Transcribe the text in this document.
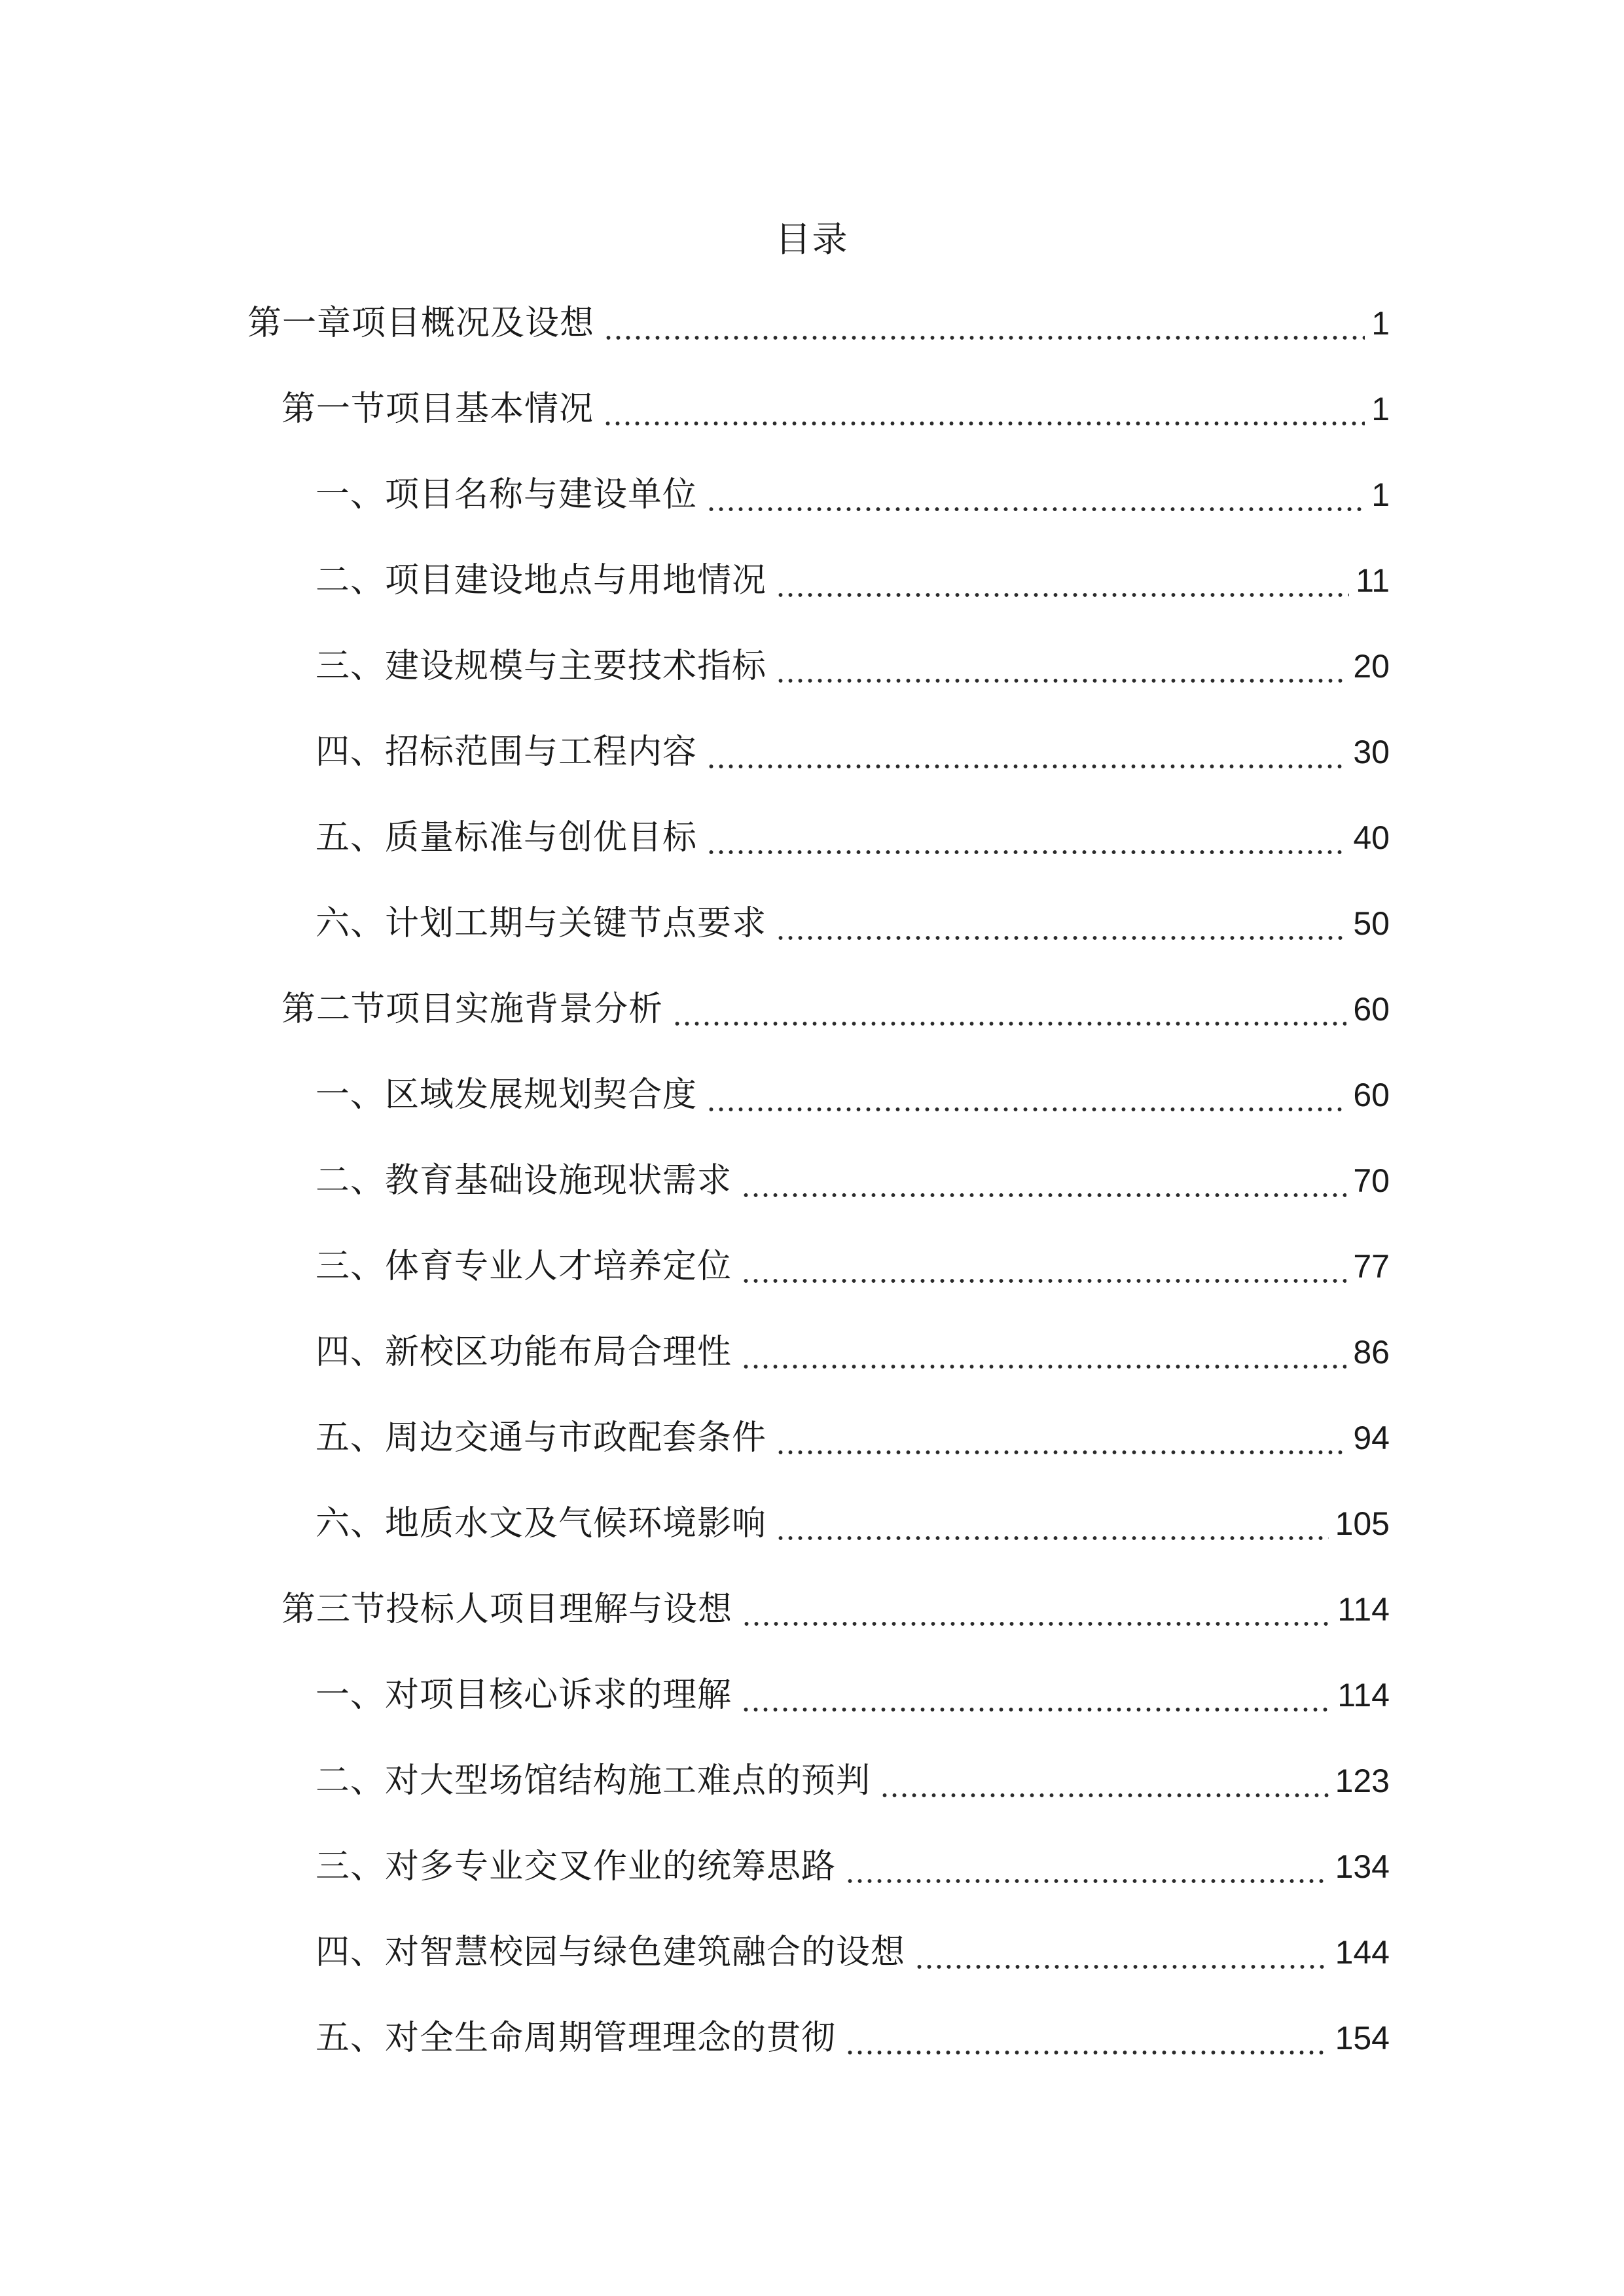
目录
第一章项目概况及设想	1
第一节项目基本情况	1
一、项目名称与建设单位	1
二、项目建设地点与用地情况	11
三、建设规模与主要技术指标	20
四、招标范围与工程内容	30
五、质量标准与创优目标	40
六、计划工期与关键节点要求	50
第二节项目实施背景分析	60
一、区域发展规划契合度	60
二、教育基础设施现状需求	70
三、体育专业人才培养定位	77
四、新校区功能布局合理性	86
五、周边交通与市政配套条件	94
六、地质水文及气候环境影响	105
第三节投标人项目理解与设想	114
一、对项目核心诉求的理解	114
二、对大型场馆结构施工难点的预判	123
三、对多专业交叉作业的统筹思路	134
四、对智慧校园与绿色建筑融合的设想	144
五、对全生命周期管理理念的贯彻	154
